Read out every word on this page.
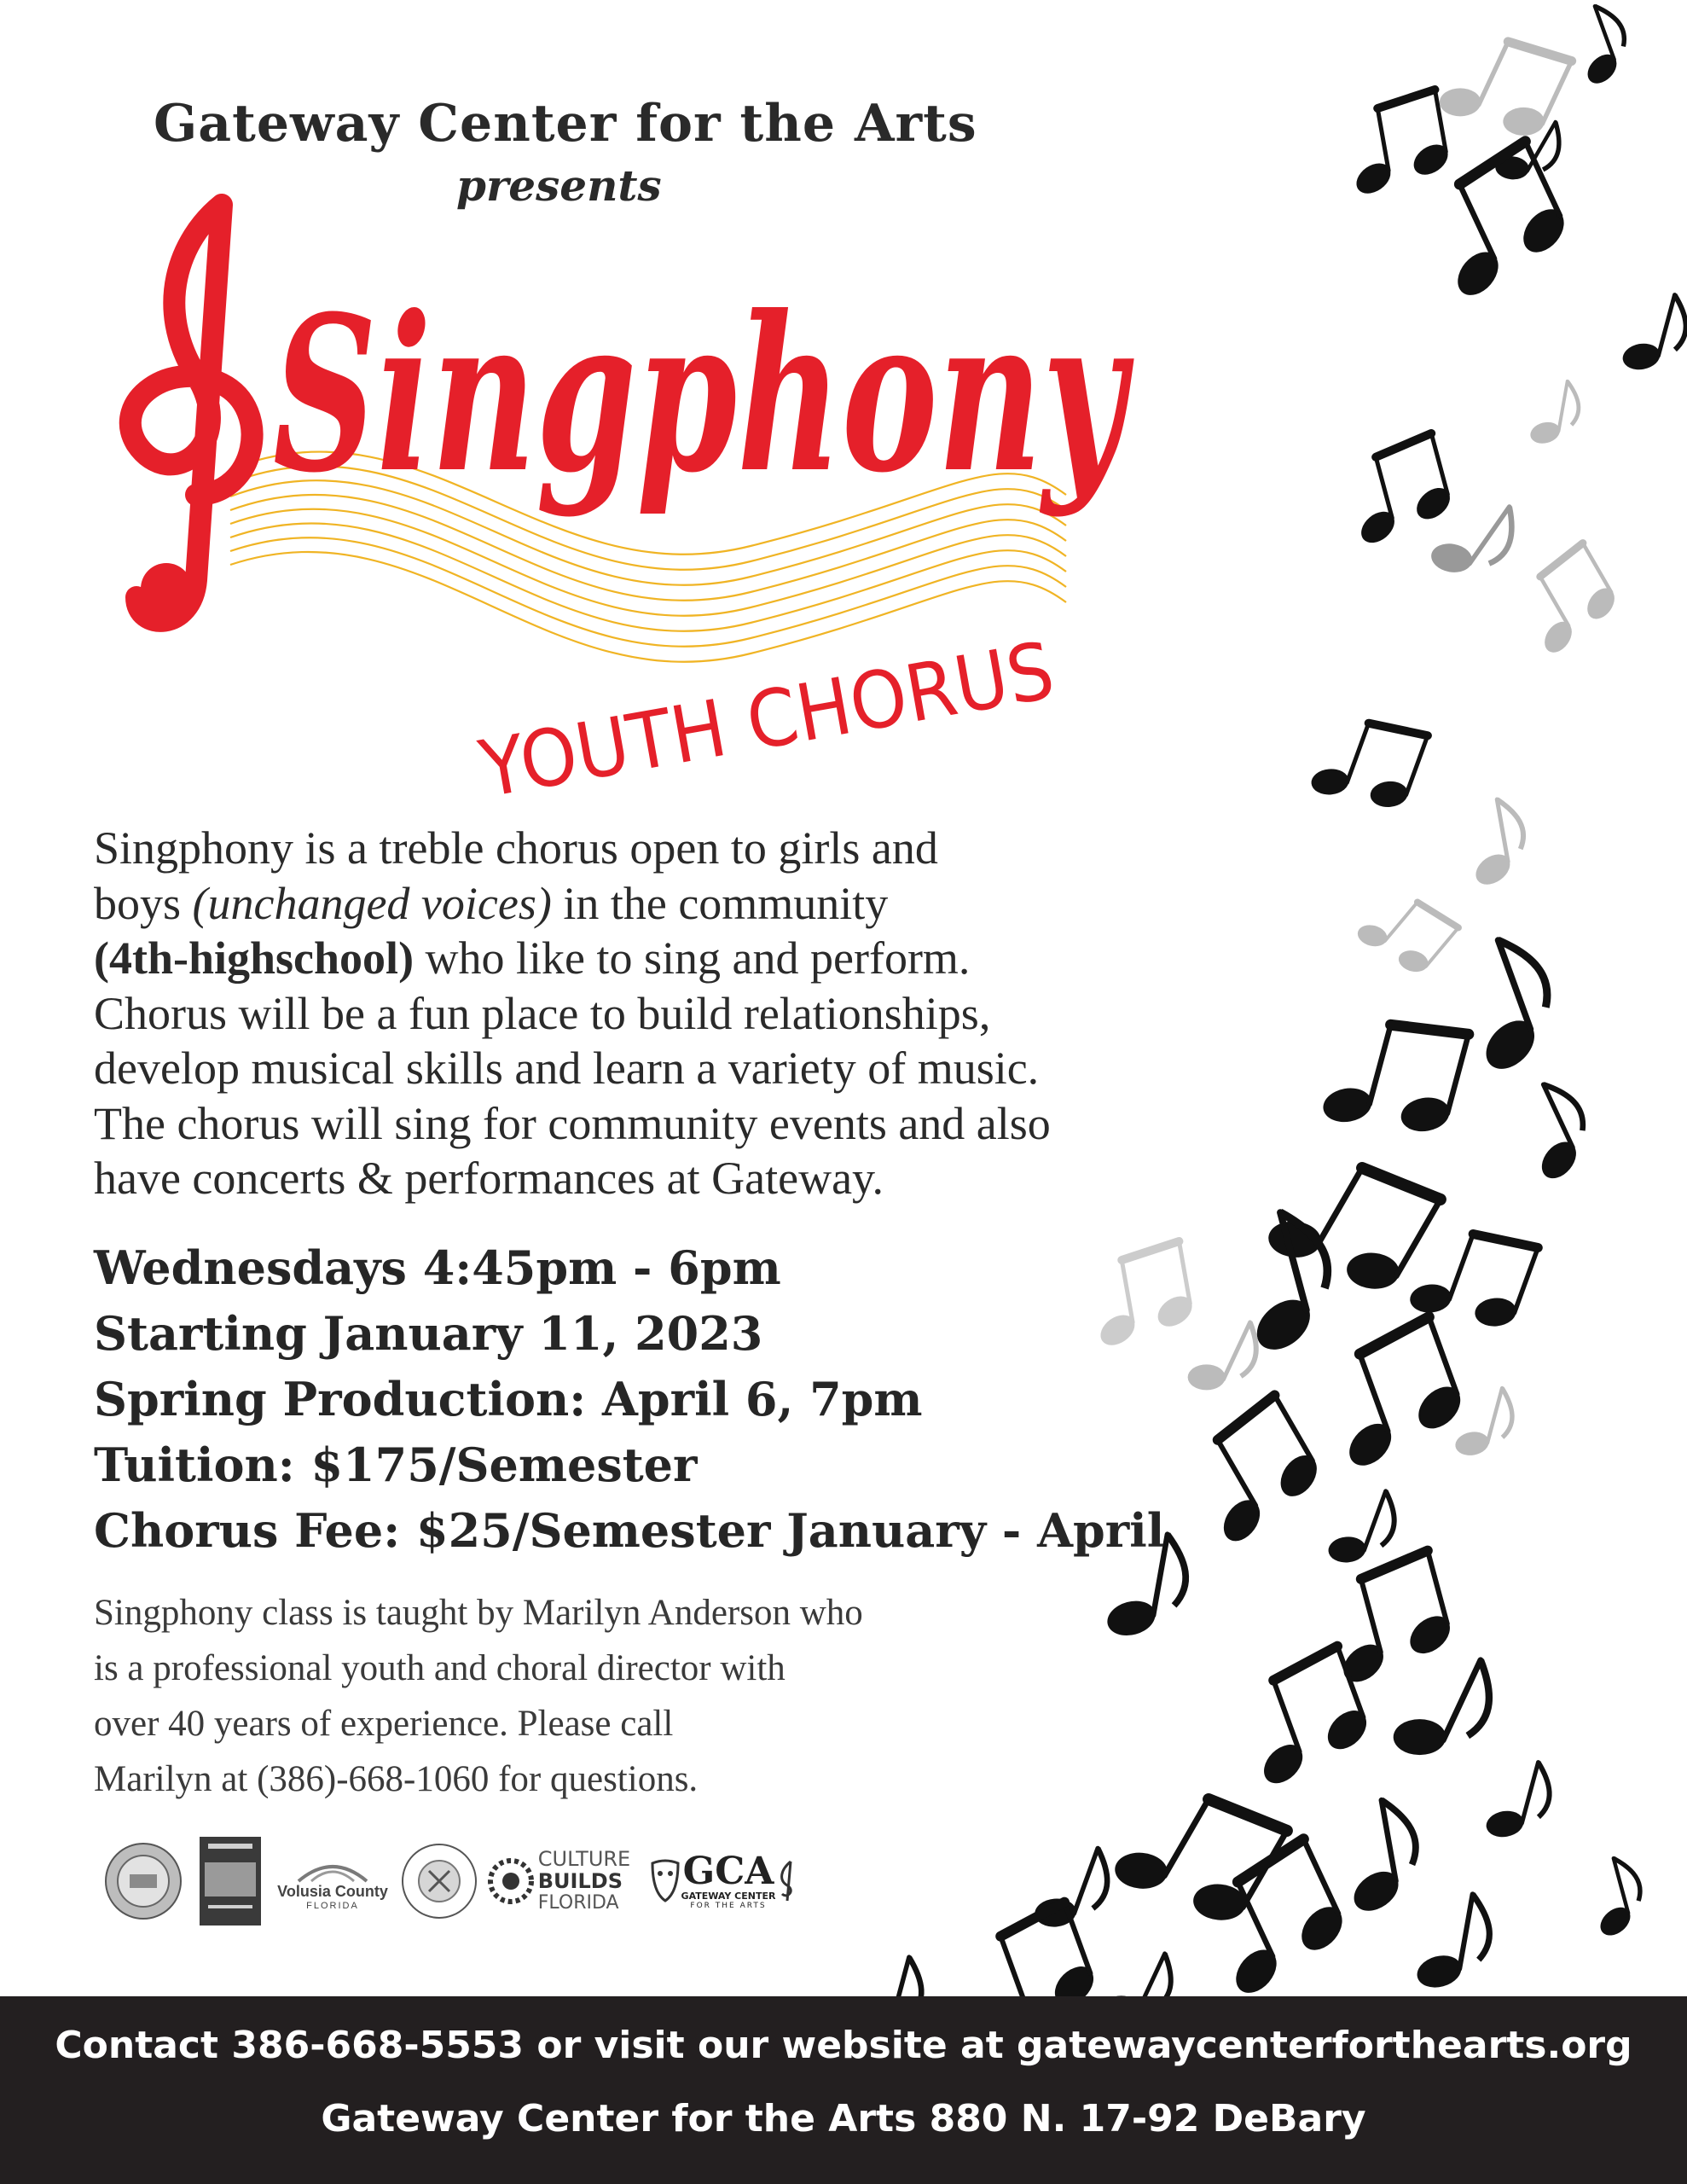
Gateway Center for the Arts
presents
Singphony
YOUTH CHORUS
Singphony is a treble chorus open to girls and
boys (unchanged voices) in the community
(4th-highschool) who like to sing and perform.
Chorus will be a fun place to build relationships,
develop musical skills and learn a variety of music.
The chorus will sing for community events and also
have concerts & performances at Gateway.
Wednesdays 4:45pm - 6pm
Starting January 11, 2023
Spring Production: April 6, 7pm
Tuition: $175/Semester
Chorus Fee: $25/Semester January - April
Singphony class is taught by Marilyn Anderson who
is a professional youth and choral director with
over 40 years of experience. Please call
Marilyn at (386)-668-1060 for questions.
Volusia County
FLORIDA
CULTURE
BUILDS
FLORIDA
GCA
GATEWAY CENTER
FOR THE ARTS
Contact 386-668-5553 or visit our website at gatewaycenterforthearts.org
Gateway Center for the Arts 880 N. 17-92 DeBary
